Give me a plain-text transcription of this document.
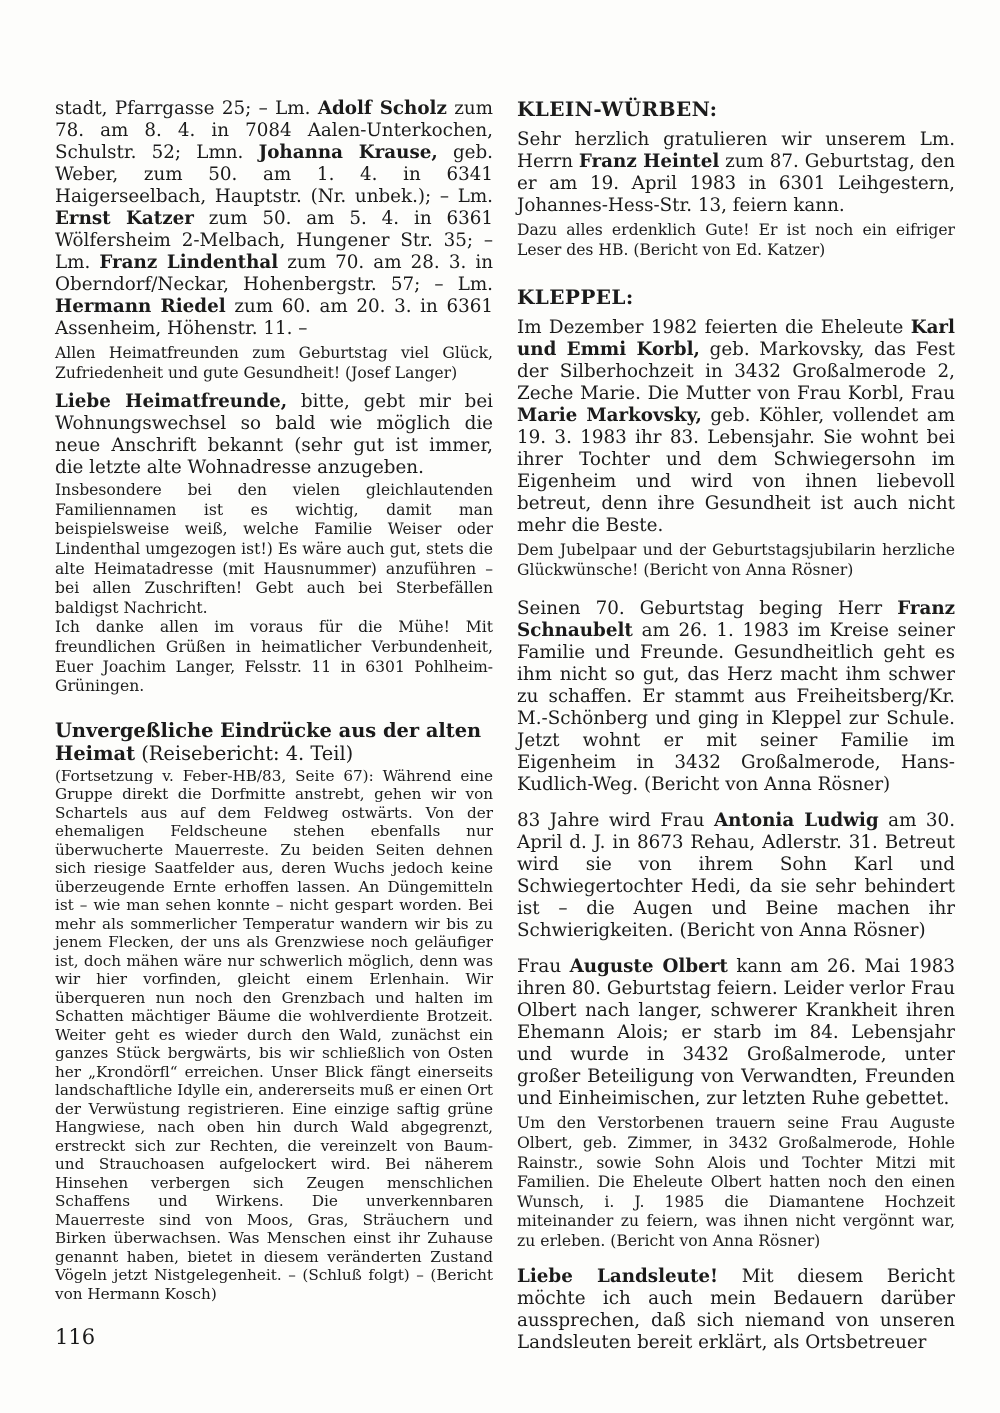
stadt, Pfarrgasse 25; – Lm. Adolf Scholz zum 78. am 8. 4. in 7084 Aalen-Unterkochen, Schulstr. 52; Lmn. Johanna Krause, geb. Weber, zum 50. am 1. 4. in 6341 Haigerseelbach, Hauptstr. (Nr. unbek.); – Lm. Ernst Katzer zum 50. am 5. 4. in 6361 Wölfersheim 2-Melbach, Hungener Str. 35; – Lm. Franz Lindenthal zum 70. am 28. 3. in Oberndorf/Neckar, Hohenbergstr. 57; – Lm. Hermann Riedel zum 60. am 20. 3. in 6361 Assenheim, Höhenstr. 11. –

Allen Heimatfreunden zum Geburtstag viel Glück, Zufriedenheit und gute Gesundheit! (Josef Langer)

Liebe Heimatfreunde, bitte, gebt mir bei Wohnungswechsel so bald wie möglich die neue Anschrift bekannt (sehr gut ist immer, die letzte alte Wohnadresse anzugeben.

Insbesondere bei den vielen gleichlautenden Familiennamen ist es wichtig, damit man beispielsweise weiß, welche Familie Weiser oder Lindenthal umgezogen ist!) Es wäre auch gut, stets die alte Heimatadresse (mit Hausnummer) anzuführen – bei allen Zuschriften! Gebt auch bei Sterbefällen baldigst Nachricht.

Ich danke allen im voraus für die Mühe! Mit freundlichen Grüßen in heimatlicher Verbundenheit, Euer Joachim Langer, Felsstr. 11 in 6301 Pohlheim-Grüningen.

Unvergeßliche Eindrücke aus der alten Heimat (Reisebericht: 4. Teil)

(Fortsetzung v. Feber-HB/83, Seite 67): Während eine Gruppe direkt die Dorfmitte anstrebt, gehen wir von Schartels aus auf dem Feldweg ostwärts. Von der ehemaligen Feldscheune stehen ebenfalls nur überwucherte Mauerreste. Zu beiden Seiten dehnen sich riesige Saatfelder aus, deren Wuchs jedoch keine überzeugende Ernte erhoffen lassen. An Düngemitteln ist – wie man sehen konnte – nicht gespart worden. Bei mehr als sommerlicher Temperatur wandern wir bis zu jenem Flecken, der uns als Grenzwiese noch geläufiger ist, doch mähen wäre nur schwerlich möglich, denn was wir hier vorfinden, gleicht einem Erlenhain. Wir überqueren nun noch den Grenzbach und halten im Schatten mächtiger Bäume die wohlverdiente Brotzeit. Weiter geht es wieder durch den Wald, zunächst ein ganzes Stück bergwärts, bis wir schließlich von Osten her „Krondörfl“ erreichen. Unser Blick fängt einerseits landschaftliche Idylle ein, andererseits muß er einen Ort der Verwüstung registrieren. Eine einzige saftig grüne Hangwiese, nach oben hin durch Wald abgegrenzt, erstreckt sich zur Rechten, die vereinzelt von Baum- und Strauchoasen aufgelockert wird. Bei näherem Hinsehen verbergen sich Zeugen menschlichen Schaffens und Wirkens. Die unverkennbaren Mauerreste sind von Moos, Gras, Sträuchern und Birken überwachsen. Was Menschen einst ihr Zuhause genannt haben, bietet in diesem veränderten Zustand Vögeln jetzt Nistgelegenheit. – (Schluß folgt) – (Bericht von Hermann Kosch)

116
KLEIN-WÜRBEN:

Sehr herzlich gratulieren wir unserem Lm. Herrn Franz Heintel zum 87. Geburtstag, den er am 19. April 1983 in 6301 Leihgestern, Johannes-Hess-Str. 13, feiern kann.

Dazu alles erdenklich Gute! Er ist noch ein eifriger Leser des HB. (Bericht von Ed. Katzer)

KLEPPEL:

Im Dezember 1982 feierten die Eheleute Karl und Emmi Korbl, geb. Markovsky, das Fest der Silberhochzeit in 3432 Großalmerode 2, Zeche Marie. Die Mutter von Frau Korbl, Frau Marie Markovsky, geb. Köhler, vollendet am 19. 3. 1983 ihr 83. Lebensjahr. Sie wohnt bei ihrer Tochter und dem Schwiegersohn im Eigenheim und wird von ihnen liebevoll betreut, denn ihre Gesundheit ist auch nicht mehr die Beste.

Dem Jubelpaar und der Geburtstagsjubilarin herzliche Glückwünsche! (Bericht von Anna Rösner)

Seinen 70. Geburtstag beging Herr Franz Schnaubelt am 26. 1. 1983 im Kreise seiner Familie und Freunde. Gesundheitlich geht es ihm nicht so gut, das Herz macht ihm schwer zu schaffen. Er stammt aus Freiheitsberg/Kr. M.-Schönberg und ging in Kleppel zur Schule. Jetzt wohnt er mit seiner Familie im Eigenheim in 3432 Großalmerode, Hans-Kudlich-Weg. (Bericht von Anna Rösner)

83 Jahre wird Frau Antonia Ludwig am 30. April d. J. in 8673 Rehau, Adlerstr. 31. Betreut wird sie von ihrem Sohn Karl und Schwiegertochter Hedi, da sie sehr behindert ist – die Augen und Beine machen ihr Schwierigkeiten. (Bericht von Anna Rösner)

Frau Auguste Olbert kann am 26. Mai 1983 ihren 80. Geburtstag feiern. Leider verlor Frau Olbert nach langer, schwerer Krankheit ihren Ehemann Alois; er starb im 84. Lebensjahr und wurde in 3432 Großalmerode, unter großer Beteiligung von Verwandten, Freunden und Einheimischen, zur letzten Ruhe gebettet.

Um den Verstorbenen trauern seine Frau Auguste Olbert, geb. Zimmer, in 3432 Großalmerode, Hohle Rainstr., sowie Sohn Alois und Tochter Mitzi mit Familien. Die Eheleute Olbert hatten noch den einen Wunsch, i. J. 1985 die Diamantene Hochzeit miteinander zu feiern, was ihnen nicht vergönnt war, zu erleben. (Bericht von Anna Rösner)

Liebe Landsleute! Mit diesem Bericht möchte ich auch mein Bedauern darüber aussprechen, daß sich niemand von unseren Landsleuten bereit erklärt, als Ortsbetreuer
